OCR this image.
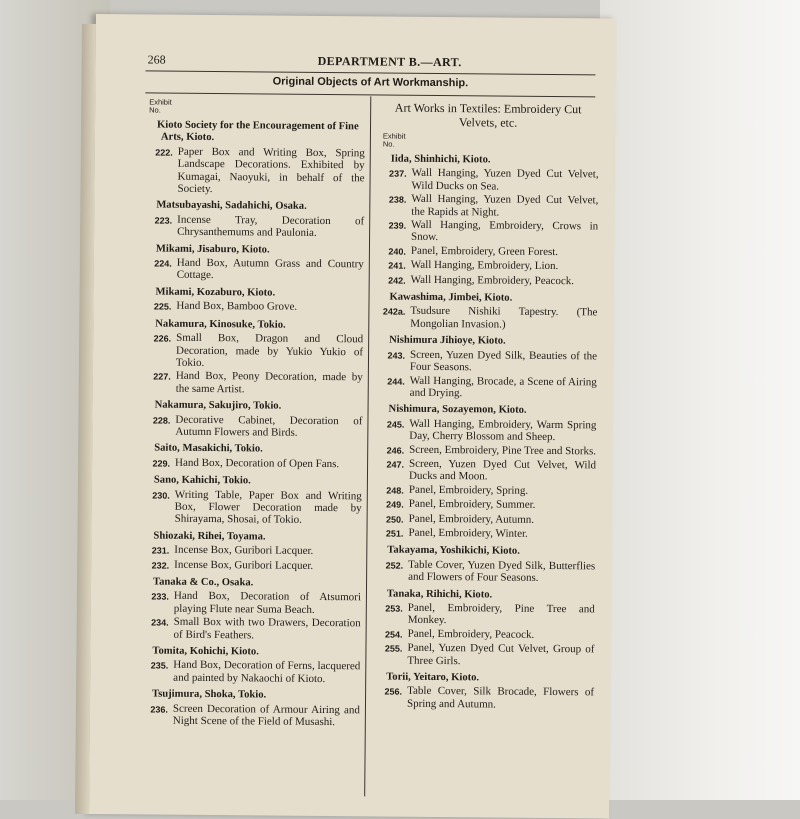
268	DEPARTMENT B.—ART.
Original Objects of Art Workmanship.
Exhibit
No.
Kioto Society for the Encouragement of Fine Arts, Kioto.
222. Paper Box and Writing Box, Spring Landscape Decorations. Exhibited by Kumagai, Naoyuki, in behalf of the Society.
Matsubayashi, Sadahichi, Osaka.
223. Incense Tray, Decoration of Chrysanthemums and Paulonia.
Mikami, Jisaburo, Kioto.
224. Hand Box, Autumn Grass and Country Cottage.
Mikami, Kozaburo, Kioto.
225. Hand Box, Bamboo Grove.
Nakamura, Kinosuke, Tokio.
226. Small Box, Dragon and Cloud Decoration, made by Yukio Yukio of Tokio.
227. Hand Box, Peony Decoration, made by the same Artist.
Nakamura, Sakujiro, Tokio.
228. Decorative Cabinet, Decoration of Autumn Flowers and Birds.
Saito, Masakichi, Tokio.
229. Hand Box, Decoration of Open Fans.
Sano, Kahichi, Tokio.
230. Writing Table, Paper Box and Writing Box, Flower Decoration made by Shirayama, Shosai, of Tokio.
Shiozaki, Rihei, Toyama.
231. Incense Box, Guribori Lacquer.
232. Incense Box, Guribori Lacquer.
Tanaka & Co., Osaka.
233. Hand Box, Decoration of Atsumori playing Flute near Suma Beach.
234. Small Box with two Drawers, Decoration of Bird's Feathers.
Tomita, Kohichi, Kioto.
235. Hand Box, Decoration of Ferns, lacquered and painted by Nakaochi of Kioto.
Tsujimura, Shoka, Tokio.
236. Screen Decoration of Armour Airing and Night Scene of the Field of Musashi.
Art Works in Textiles: Embroidery Cut Velvets, etc.
Exhibit
No.
Iida, Shinhichi, Kioto.
237. Wall Hanging, Yuzen Dyed Cut Velvet, Wild Ducks on Sea.
238. Wall Hanging, Yuzen Dyed Cut Velvet, the Rapids at Night.
239. Wall Hanging, Embroidery, Crows in Snow.
240. Panel, Embroidery, Green Forest.
241. Wall Hanging, Embroidery, Lion.
242. Wall Hanging, Embroidery, Peacock.
Kawashima, Jimbei, Kioto.
242a. Tsudsure Nishiki Tapestry. (The Mongolian Invasion.)
Nishimura Jihioye, Kioto.
243. Screen, Yuzen Dyed Silk, Beauties of the Four Seasons.
244. Wall Hanging, Brocade, a Scene of Airing and Drying.
Nishimura, Sozayemon, Kioto.
245. Wall Hanging, Embroidery, Warm Spring Day, Cherry Blossom and Sheep.
246. Screen, Embroidery, Pine Tree and Storks.
247. Screen, Yuzen Dyed Cut Velvet, Wild Ducks and Moon.
248. Panel, Embroidery, Spring.
249. Panel, Embroidery, Summer.
250. Panel, Embroidery, Autumn.
251. Panel, Embroidery, Winter.
Takayama, Yoshikichi, Kioto.
252. Table Cover, Yuzen Dyed Silk, Butterflies and Flowers of Four Seasons.
Tanaka, Rihichi, Kioto.
253. Panel, Embroidery, Pine Tree and Monkey.
254. Panel, Embroidery, Peacock.
255. Panel, Yuzen Dyed Cut Velvet, Group of Three Girls.
Torii, Yeitaro, Kioto.
256. Table Cover, Silk Brocade, Flowers of Spring and Autumn.
